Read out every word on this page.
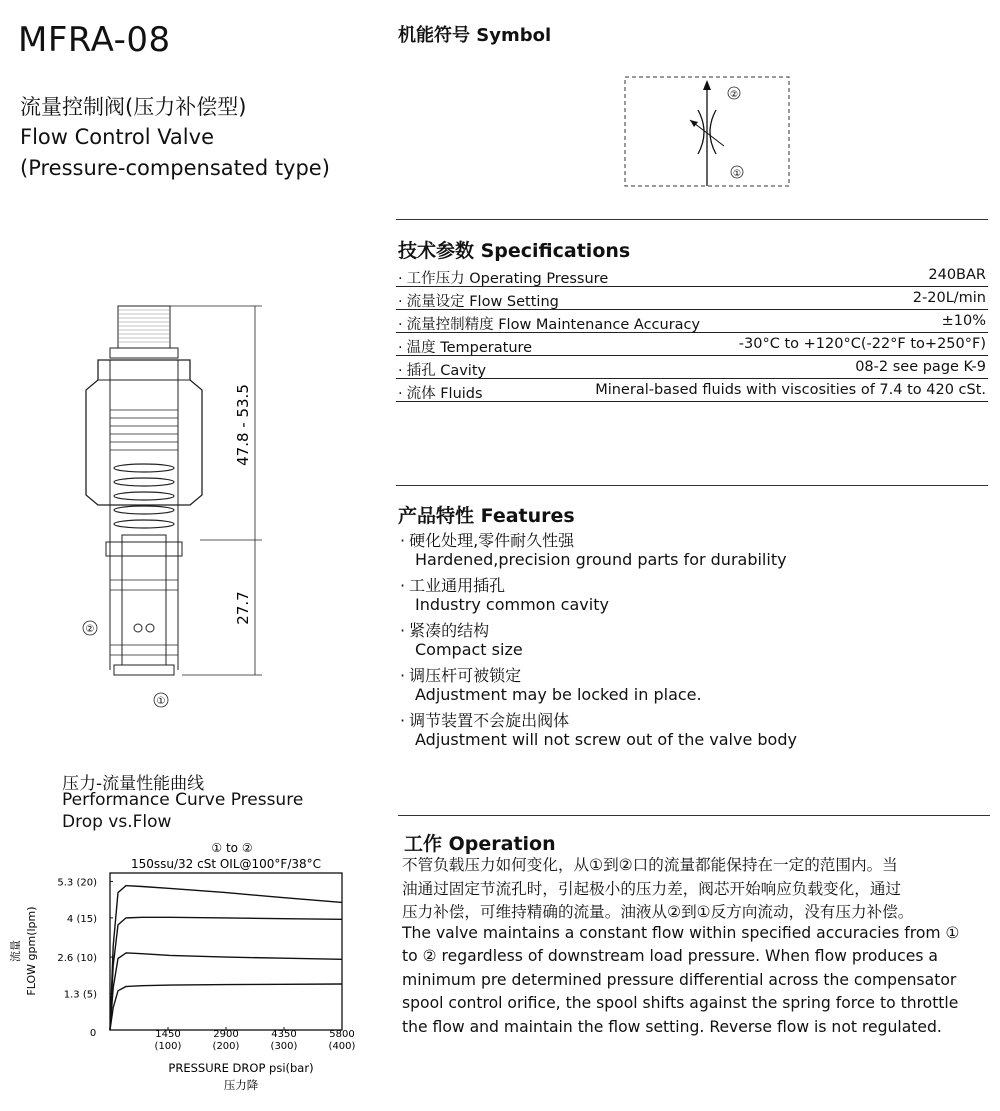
MFRA-08
流量控制阀(压力补偿型)
Flow Control Valve
(Pressure-compensated type)
机能符号 Symbol
②
①
技术参数 Specifications
· 工作压力 Operating Pressure	240BAR
· 流量设定 Flow Setting	2-20L/min
· 流量控制精度 Flow Maintenance Accuracy	±10%
· 温度 Temperature	-30°C to +120°C(-22°F to+250°F)
· 插孔 Cavity	08-2 see page K-9
· 流体 Fluids	Mineral-based fluids with viscosities of 7.4 to 420 cSt.
产品特性 Features
· 硬化处理,零件耐久性强
Hardened,precision ground parts for durability
· 工业通用插孔
Industry common cavity
· 紧凑的结构
Compact size
· 调压杆可被锁定
Adjustment may be locked in place.
· 调节装置不会旋出阀体
Adjustment will not screw out of the valve body
②
①
47.8 - 53.5
27.7
压力-流量性能曲线
Performance Curve Pressure
Drop vs.Flow
① to ②
150ssu/32 cSt OIL@100°F/38°C
0	1450
(100)
2900
(200)
4350
(300)
5800
(400)
1.3 (5)
2.6 (10)
4 (15)
5.3 (20)
PRESSURE DROP psi(bar)
压力降
FLOW gpm(lpm)
流量
工作 Operation
不管负载压力如何变化，从①到②口的流量都能保持在一定的范围内。当
油通过固定节流孔时，引起极小的压力差，阀芯开始响应负载变化，通过
压力补偿，可维持精确的流量。油液从②到①反方向流动，没有压力补偿。
The valve maintains a constant flow within specified accuracies from ①
to ② regardless of downstream load pressure. When flow produces a
minimum pre determined pressure differential across the compensator
spool control orifice, the spool shifts against the spring force to throttle
the flow and maintain the flow setting. Reverse flow is not regulated.
